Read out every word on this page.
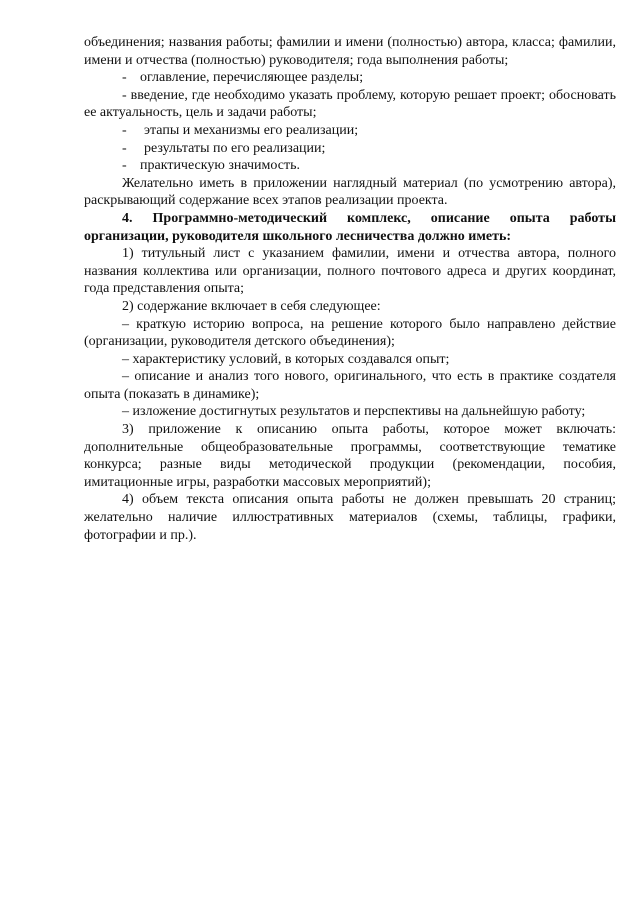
объединения; названия работы; фамилии и имени (полностью) автора, класса; фамилии, имени и отчества (полностью) руководителя; года выполнения работы;

- оглавление, перечисляющее разделы;

- введение, где необходимо указать проблему, которую решает проект; обосновать ее актуальность, цель и задачи работы;

-	этапы и механизмы его реализации;
-	результаты по его реализации;
- практическую значимость.

Желательно иметь в приложении наглядный материал (по усмотрению автора), раскрывающий содержание всех этапов реализации проекта.

4. Программно-методический комплекс, описание опыта работы организации, руководителя школьного лесничества должно иметь:

1) титульный лист с указанием фамилии, имени и отчества автора, полного названия коллектива или организации, полного почтового адреса и других координат, года представления опыта;

2) содержание включает в себя следующее:

– краткую историю вопроса, на решение которого было направлено действие (организации, руководителя детского объединения);

– характеристику условий, в которых создавался опыт;

– описание и анализ того нового, оригинального, что есть в практике создателя опыта (показать в динамике);

– изложение достигнутых результатов и перспективы на дальнейшую работу;

3) приложение к описанию опыта работы, которое может включать: дополнительные общеобразовательные программы, соответствующие тематике конкурса; разные виды методической продукции (рекомендации, пособия, имитационные игры, разработки массовых мероприятий);

4) объем текста описания опыта работы не должен превышать 20 страниц; желательно наличие иллюстративных материалов (схемы, таблицы, графики, фотографии и пр.).
